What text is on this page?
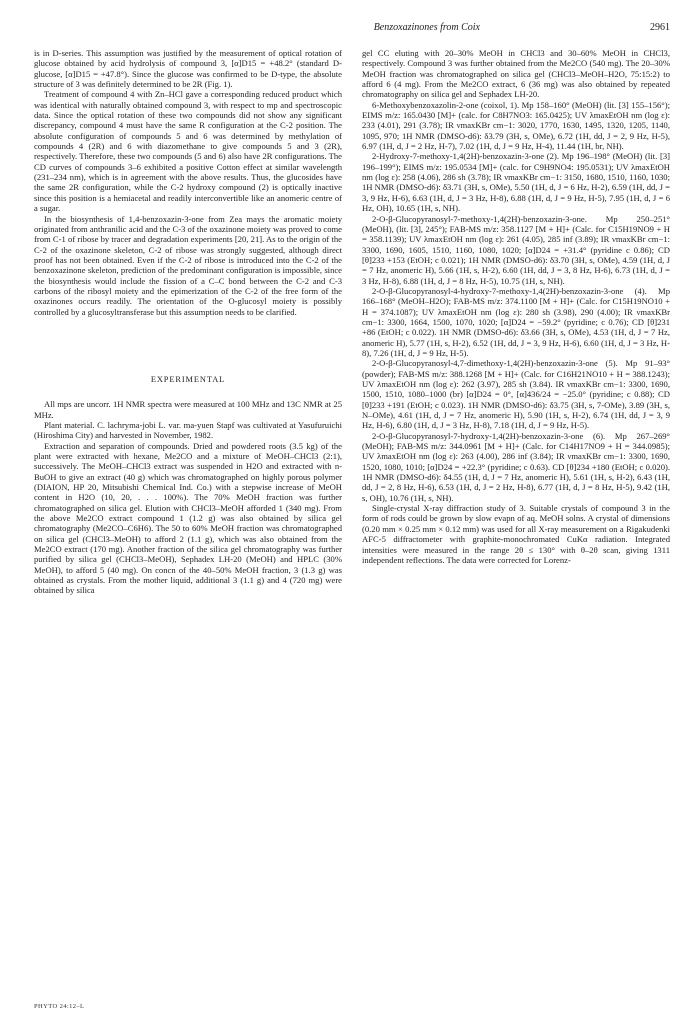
Benzoxazinones from Coix	2961

is in D-series. This assumption was justified by the measurement of optical rotation of glucose obtained by acid hydrolysis of compound 3, [α]D15 = +48.2° (standard D-glucose, [α]D15 = +47.8°). Since the glucose was confirmed to be D-type, the absolute structure of 3 was definitely determined to be 2R (Fig. 1).

Treatment of compound 4 with Zn–HCl gave a corresponding reduced product which was identical with naturally obtained compound 3, with respect to mp and spectroscopic data. Since the optical rotation of these two compounds did not show any significant discrepancy, compound 4 must have the same R configuration at the C-2 position. The absolute configuration of compounds 5 and 6 was determined by methylation of compounds 4 (2R) and 6 with diazomethane to give compounds 5 and 3 (2R), respectively. Therefore, these two compounds (5 and 6) also have 2R configurations. The CD curves of compounds 3–6 exhibited a positive Cotton effect at similar wavelength (231–234 nm), which is in agreement with the above results. Thus, the glucosides have the same 2R configuration, while the C-2 hydroxy compound (2) is optically inactive since this position is a hemiacetal and readily interconvertible like an anomeric centre of a sugar.

In the biosynthesis of 1,4-benzoxazin-3-one from Zea mays the aromatic moiety originated from anthranilic acid and the C-3 of the oxazinone moiety was proved to come from C-1 of ribose by tracer and degradation experiments [20, 21]. As to the origin of the C-2 of the oxazinone skeleton, C-2 of ribose was strongly suggested, although direct proof has not been obtained. Even if the C-2 of ribose is introduced into the C-2 of the benzoxazinone skeleton, prediction of the predominant configuration is impossible, since the biosynthesis would include the fission of a C–C bond between the C-2 and C-3 carbons of the ribosyl moiety and the epimerization of the C-2 of the free form of the oxazinones occurs readily. The orientation of the O-glucosyl moiety is possibly controlled by a glucosyltransferase but this assumption needs to be clarified.

EXPERIMENTAL

All mps are uncorr. 1H NMR spectra were measured at 100 MHz and 13C NMR at 25 MHz.

Plant material. C. lachryma-jobi L. var. ma-yuen Stapf was cultivated at Yasufuruichi (Hiroshima City) and harvested in November, 1982.

Extraction and separation of compounds. Dried and powdered roots (3.5 kg) of the plant were extracted with hexane, Me2CO and a mixture of MeOH–CHCl3 (2:1), successively. The MeOH–CHCl3 extract was suspended in H2O and extracted with n-BuOH to give an extract (40 g) which was chromatographed on highly porous polymer (DIAION, HP 20, Mitsubishi Chemical Ind. Co.) with a stepwise increase of MeOH content in H2O (10, 20, . . . 100%). The 70% MeOH fraction was further chromatographed on silica gel. Elution with CHCl3–MeOH afforded 1 (340 mg). From the above Me2CO extract compound 1 (1.2 g) was also obtained by silica gel chromatography (Me2CO–C6H6). The 50 to 60% MeOH fraction was chromatographed on silica gel (CHCl3–MeOH) to afford 2 (1.1 g), which was also obtained from the Me2CO extract (170 mg). Another fraction of the silica gel chromatography was further purified by silica gel (CHCl3–MeOH), Sephadex LH-20 (MeOH) and HPLC (30% MeOH), to afford 5 (40 mg). On concn of the 40–50% MeOH fraction, 3 (1.3 g) was obtained as crystals. From the mother liquid, additional 3 (1.1 g) and 4 (720 mg) were obtained by silica

gel CC eluting with 20–30% MeOH in CHCl3 and 30–60% MeOH in CHCl3, respectively. Compound 3 was further obtained from the Me2CO (540 mg). The 20–30% MeOH fraction was chromatographed on silica gel (CHCl3–MeOH–H2O, 75:15:2) to afford 6 (4 mg). From the Me2CO extract, 6 (36 mg) was also obtained by repeated chromatography on silica gel and Sephadex LH-20.

6-Methoxybenzoxazolin-2-one (coixol, 1). Mp 158–160° (MeOH) (lit. [3] 155–156°); EIMS m/z: 165.0430 [M]+ (calc. for C8H7NO3: 165.0425); UV λmaxEtOH nm (log ε): 233 (4.01), 291 (3.78); IR νmaxKBr cm−1: 3020, 1770, 1630, 1495, 1320, 1205, 1140, 1095, 970; 1H NMR (DMSO-d6): δ3.79 (3H, s, OMe), 6.72 (1H, dd, J = 2, 9 Hz, H-5), 6.97 (1H, d, J = 2 Hz, H-7), 7.02 (1H, d, J = 9 Hz, H-4), 11.44 (1H, br, NH).

2-Hydroxy-7-methoxy-1,4(2H)-benzoxazin-3-one (2). Mp 196–198° (MeOH) (lit. [3] 196–199°); EIMS m/z: 195.0534 [M]+ (calc. for C9H9NO4: 195.0531); UV λmaxEtOH nm (log ε): 258 (4.06), 286 sh (3.78); IR νmaxKBr cm−1: 3150, 1680, 1510, 1160, 1030; 1H NMR (DMSO-d6): δ3.71 (3H, s, OMe), 5.50 (1H, d, J = 6 Hz, H-2), 6.59 (1H, dd, J = 3, 9 Hz, H-6), 6.63 (1H, d, J = 3 Hz, H-8), 6.88 (1H, d, J = 9 Hz, H-5), 7.95 (1H, d, J = 6 Hz, OH), 10.65 (1H, s, NH).

2-O-β-Glucopyranosyl-7-methoxy-1,4(2H)-benzoxazin-3-one. Mp 250–251° (MeOH), (lit. [3], 245°); FAB-MS m/z: 358.1127 [M + H]+ (Calc. for C15H19NO9 + H = 358.1139); UV λmaxEtOH nm (log ε): 261 (4.05), 285 inf (3.89); IR νmaxKBr cm−1: 3300, 1690, 1605, 1510, 1160, 1080, 1020; [α]D24 = +31.4° (pyridine c 0.86); CD [θ]233 +153 (EtOH; c 0.021); 1H NMR (DMSO-d6): δ3.70 (3H, s, OMe), 4.59 (1H, d, J = 7 Hz, anomeric H), 5.66 (1H, s, H-2), 6.60 (1H, dd, J = 3, 8 Hz, H-6), 6.73 (1H, d, J = 3 Hz, H-8), 6.88 (1H, d, J = 8 Hz, H-5), 10.75 (1H, s, NH).

2-O-β-Glucopyranosyl-4-hydroxy-7-methoxy-1,4(2H)-benzoxazin-3-one (4). Mp 166–168° (MeOH–H2O); FAB-MS m/z: 374.1100 [M + H]+ (Calc. for C15H19NO10 + H = 374.1087); UV λmaxEtOH nm (log ε): 280 sh (3.98), 290 (4.00); IR νmaxKBr cm−1: 3300, 1664, 1500, 1070, 1020; [α]D24 = −59.2° (pyridine; c 0.76); CD [θ]231 +86 (EtOH; c 0.022). 1H NMR (DMSO-d6): δ3.66 (3H, s, OMe), 4.53 (1H, d, J = 7 Hz, anomeric H), 5.77 (1H, s, H-2), 6.52 (1H, dd, J = 3, 9 Hz, H-6), 6.60 (1H, d, J = 3 Hz, H-8), 7.26 (1H, d, J = 9 Hz, H-5).

2-O-β-Glucopyranosyl-4,7-dimethoxy-1,4(2H)-benzoxazin-3-one (5). Mp 91–93° (powder); FAB-MS m/z: 388.1268 [M + H]+ (Calc. for C16H21NO10 + H = 388.1243); UV λmaxEtOH nm (log ε): 262 (3.97), 285 sh (3.84). IR νmaxKBr cm−1: 3300, 1690, 1500, 1510, 1080–1000 (br) [α]D24 = 0°, [α]436/24 = −25.0° (pyridine; c 0.88); CD [θ]233 +191 (EtOH; c 0.023). 1H NMR (DMSO-d6): δ3.75 (3H, s, 7-OMe), 3.89 (3H, s, N–OMe), 4.61 (1H, d, J = 7 Hz, anomeric H), 5.90 (1H, s, H-2), 6.74 (1H, dd, J = 3, 9 Hz, H-6), 6.80 (1H, d, J = 3 Hz, H-8), 7.18 (1H, d, J = 9 Hz, H-5).

2-O-β-Glucopyranosyl-7-hydroxy-1,4(2H)-benzoxazin-3-one (6). Mp 267–269° (MeOH); FAB-MS m/z: 344.0961 [M + H]+ (Calc. for C14H17NO9 + H = 344.0985); UV λmaxEtOH nm (log ε): 263 (4.00), 286 inf (3.84); IR νmaxKBr cm−1: 3300, 1690, 1520, 1080, 1010; [α]D24 = +22.3° (pyridine; c 0.63). CD [θ]234 +180 (EtOH; c 0.020). 1H NMR (DMSO-d6): δ4.55 (1H, d, J = 7 Hz, anomeric H), 5.61 (1H, s, H-2), 6.43 (1H, dd, J = 2, 8 Hz, H-6), 6.53 (1H, d, J = 2 Hz, H-8), 6.77 (1H, d, J = 8 Hz, H-5), 9.42 (1H, s, OH), 10.76 (1H, s, NH).

Single-crystal X-ray diffraction study of 3. Suitable crystals of compound 3 in the form of rods could be grown by slow evapn of aq. MeOH solns. A crystal of dimensions (0.20 mm × 0.25 mm × 0.12 mm) was used for all X-ray measurement on a Rigakudenki AFC-5 diffractometer with graphite-monochromated CuKα radiation. Integrated intensities were measured in the range 2θ ≤ 130° with θ–2θ scan, giving 1311 independent reflections. The data were corrected for Lorenz-

PHYTO 24:12–L
